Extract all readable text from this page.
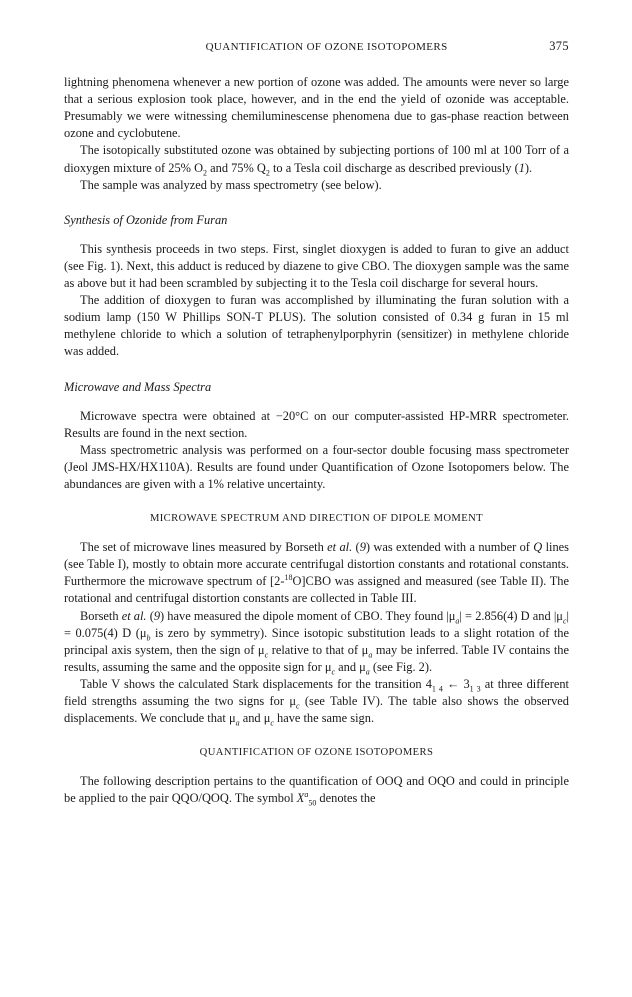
QUANTIFICATION OF OZONE ISOTOPOMERS	375

lightning phenomena whenever a new portion of ozone was added. The amounts were never so large that a serious explosion took place, however, and in the end the yield of ozonide was acceptable. Presumably we were witnessing chemiluminescense phenomena due to gas-phase reaction between ozone and cyclobutene.

The isotopically substituted ozone was obtained by subjecting portions of 100 ml at 100 Torr of a dioxygen mixture of 25% $O_2$ and 75% $Q_2$ to a Tesla coil discharge as described previously (1).

The sample was analyzed by mass spectrometry (see below).

Synthesis of Ozonide from Furan

This synthesis proceeds in two steps. First, singlet dioxygen is added to furan to give an adduct (see Fig. 1). Next, this adduct is reduced by diazene to give CBO. The dioxygen sample was the same as above but it had been scrambled by subjecting it to the Tesla coil discharge for several hours.

The addition of dioxygen to furan was accomplished by illuminating the furan solution with a sodium lamp (150 W Phillips SON-T PLUS). The solution consisted of 0.34 g furan in 15 ml methylene chloride to which a solution of tetraphenylporphyrin (sensitizer) in methylene chloride was added.

Microwave and Mass Spectra

Microwave spectra were obtained at −20°C on our computer-assisted HP-MRR spectrometer. Results are found in the next section.

Mass spectrometric analysis was performed on a four-sector double focusing mass spectrometer (Jeol JMS-HX/HX110A). Results are found under Quantification of Ozone Isotopomers below. The abundances are given with a 1% relative uncertainty.

MICROWAVE SPECTRUM AND DIRECTION OF DIPOLE MOMENT

The set of microwave lines measured by Borseth et al. (9) was extended with a number of Q lines (see Table I), mostly to obtain more accurate centrifugal distortion constants and rotational constants. Furthermore the microwave spectrum of [2-$^{18}$O]CBO was assigned and measured (see Table II). The rotational and centrifugal distortion constants are collected in Table III.

Borseth et al. (9) have measured the dipole moment of CBO. They found $|\mu_a| = 2.856(4)$ D and $|\mu_c| = 0.075(4)$ D ($\mu_b$ is zero by symmetry). Since isotopic substitution leads to a slight rotation of the principal axis system, then the sign of $\mu_c$ relative to that of $\mu_a$ may be inferred. Table IV contains the results, assuming the same and the opposite sign for $\mu_c$ and $\mu_a$ (see Fig. 2).

Table V shows the calculated Stark displacements for the transition $4_{1 4}$ ← $3_{1 3}$ at three different field strengths assuming the two signs for $\mu_c$ (see Table IV). The table also shows the observed displacements. We conclude that $\mu_a$ and $\mu_c$ have the same sign.

QUANTIFICATION OF OZONE ISOTOPOMERS

The following description pertains to the quantification of OOQ and OQO and could in principle be applied to the pair QQO/QOQ. The symbol $X^a_{50}$ denotes the
